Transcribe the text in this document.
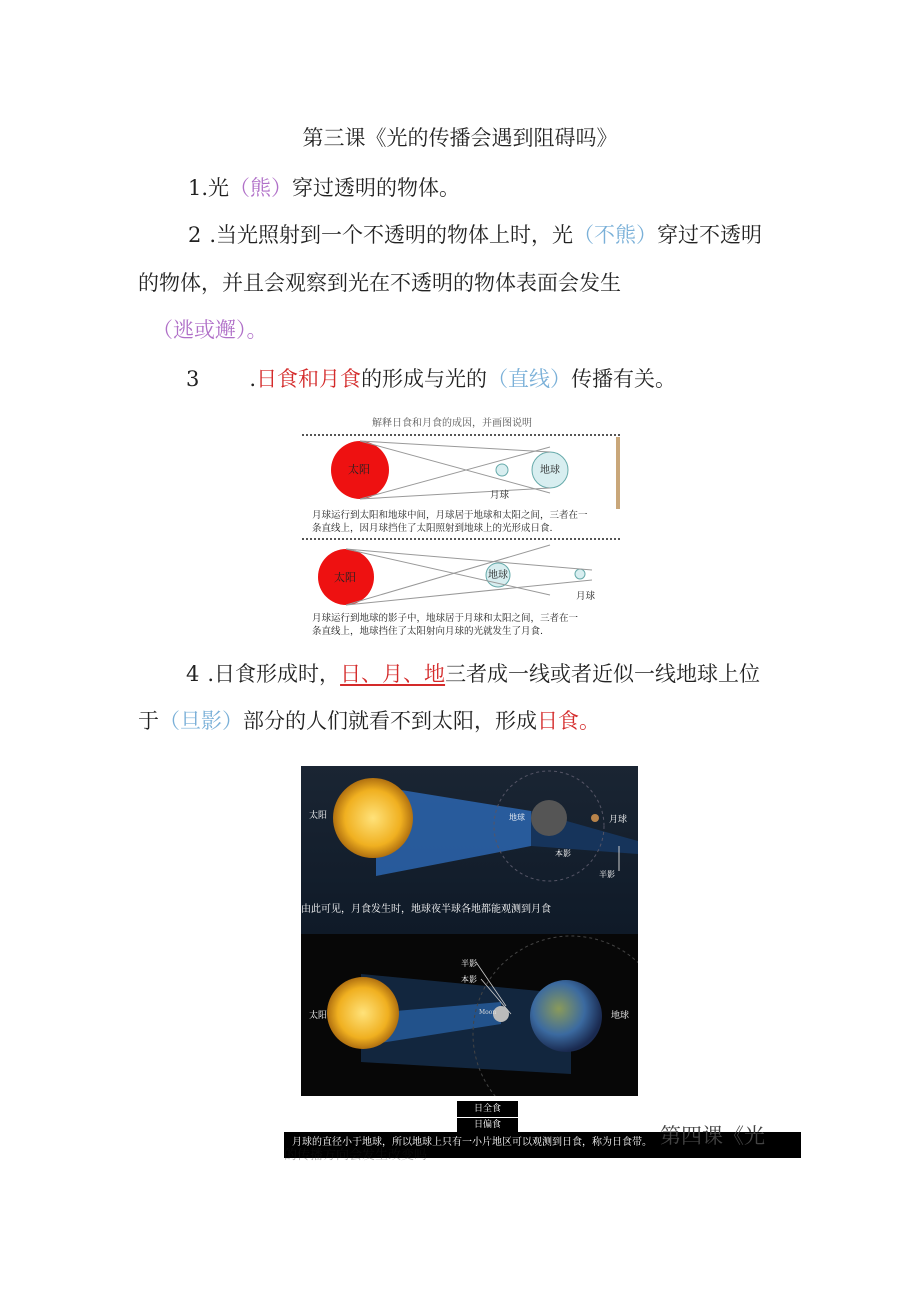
第三课《光的传播会遇到阻碍吗》
1.光（熊）穿过透明的物体。
2 .当光照射到一个不透明的物体上时，光（不熊）穿过不透明
的物体，并且会观察到光在不透明的物体表面会发生
（逃或邂）。
3 .日食和月食的形成与光的（直线）传播有关。
解释日食和月食的成因，并画图说明
太阳	地球
月球
月球运行到太阳和地球中间，月球居于地球和太阳之间，三者在一
条直线上，因月球挡住了太阳照射到地球上的光形成日食.
太阳	地球
月球
月球运行到地球的影子中，地球居于月球和太阳之间，三者在一
条直线上，地球挡住了太阳射向月球的光就发生了月食.
4 .日食形成时，日、月、地三者成一线或者近似一线地球上位
于（旦影）部分的人们就看不到太阳，形成日食。
太阳	地球	月球
本影
半影
由此可见，月食发生时，地球夜半球各地都能观测到月食
太阳	Moon	地球
半影
本影
日全食
日偏食
月球的直径小于地球，所以地球上只有一小片地区可以观测到日食，称为日食带。
的传播方向会发生改变吗
第四课《光
